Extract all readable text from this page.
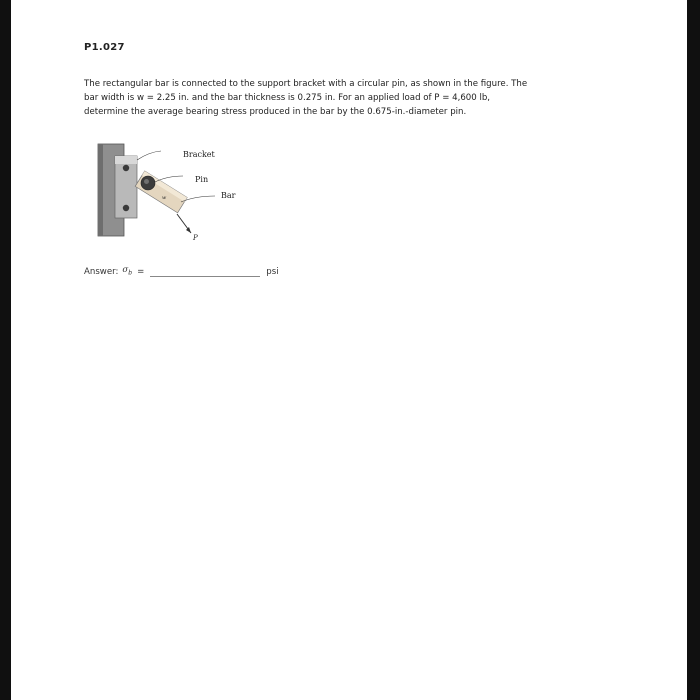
P1.027

The rectangular bar is connected to the support bracket with a circular pin, as shown in the figure. The

bar width is w = 2.25 in. and the bar thickness is 0.275 in. For an applied load of P = 4,600 lb,

determine the average bearing stress produced in the bar by the 0.675-in.-diameter pin.

Bracket
Pin
Bar
w
P
Answer: $\sigma_b$ =	psi
